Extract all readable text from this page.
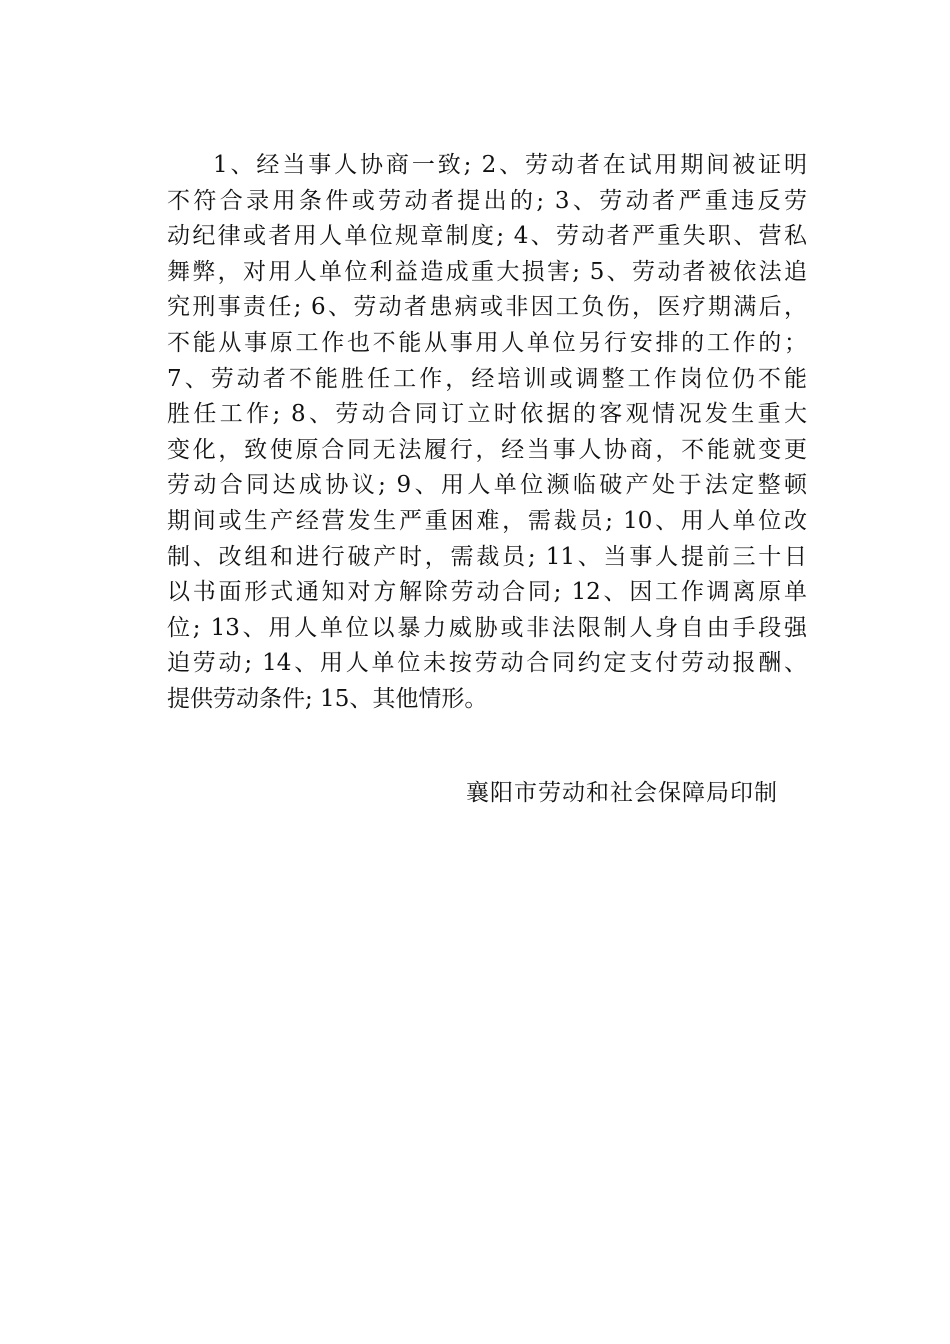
1、经当事人协商一致; 2、劳动者在试用期间被证明
不符合录用条件或劳动者提出的; 3、劳动者严重违反劳
动纪律或者用人单位规章制度; 4、劳动者严重失职、营私
舞弊，对用人单位利益造成重大损害; 5、劳动者被依法追
究刑事责任; 6、劳动者患病或非因工负伤，医疗期满后，
不能从事原工作也不能从事用人单位另行安排的工作的；
7、劳动者不能胜任工作，经培训或调整工作岗位仍不能
胜任工作; 8、劳动合同订立时依据的客观情况发生重大
变化，致使原合同无法履行，经当事人协商，不能就变更
劳动合同达成协议; 9、用人单位濒临破产处于法定整顿
期间或生产经营发生严重困难，需裁员; 10、用人单位改
制、改组和进行破产时，需裁员; 11、当事人提前三十日
以书面形式通知对方解除劳动合同; 12、因工作调离原单
位; 13、用人单位以暴力威胁或非法限制人身自由手段强
迫劳动; 14、用人单位未按劳动合同约定支付劳动报酬、
提供劳动条件; 15、其他情形。
襄阳市劳动和社会保障局印制
